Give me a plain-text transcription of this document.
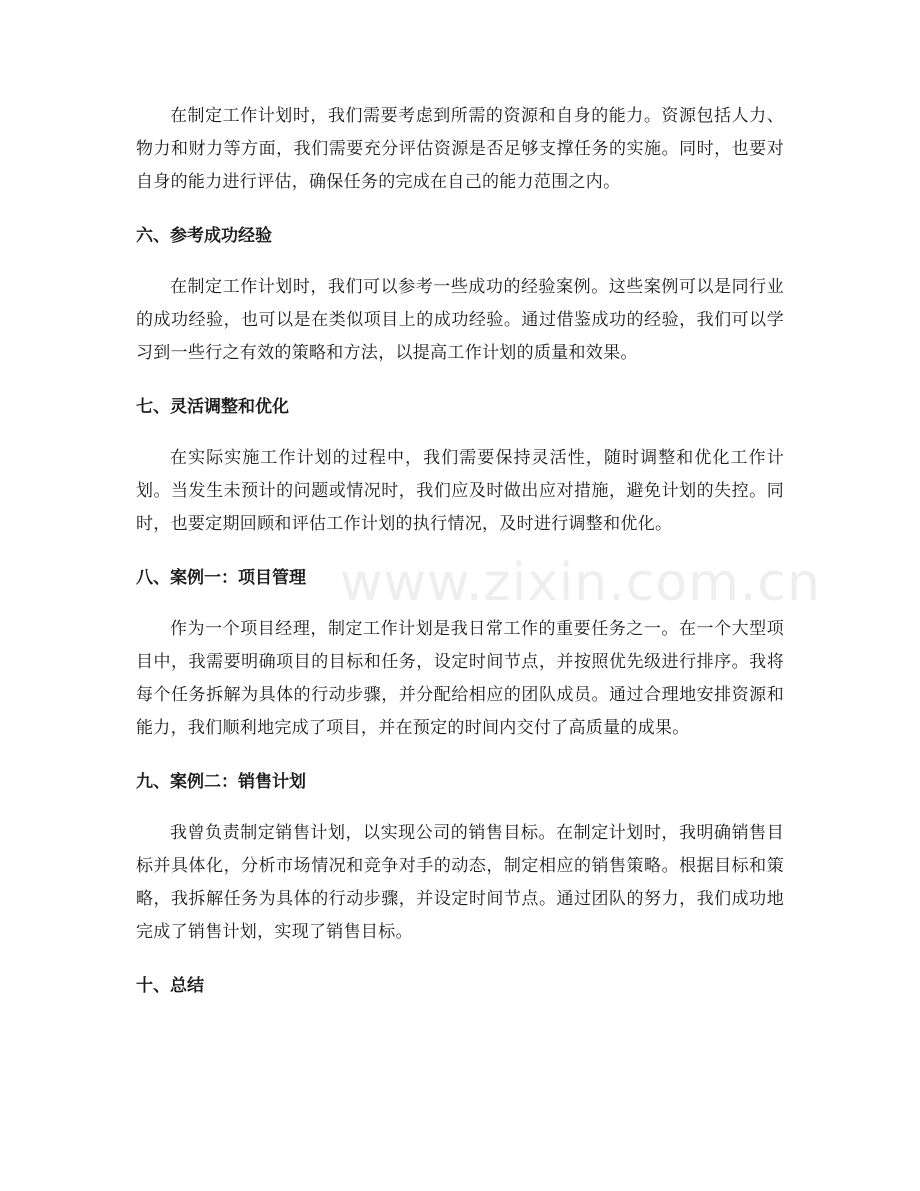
在制定工作计划时，我们需要考虑到所需的资源和自身的能力。资源包括人力、物力和财力等方面，我们需要充分评估资源是否足够支撑任务的实施。同时，也要对自身的能力进行评估，确保任务的完成在自己的能力范围之内。

六、参考成功经验

在制定工作计划时，我们可以参考一些成功的经验案例。这些案例可以是同行业的成功经验，也可以是在类似项目上的成功经验。通过借鉴成功的经验，我们可以学习到一些行之有效的策略和方法，以提高工作计划的质量和效果。

七、灵活调整和优化

在实际实施工作计划的过程中，我们需要保持灵活性，随时调整和优化工作计划。当发生未预计的问题或情况时，我们应及时做出应对措施，避免计划的失控。同时，也要定期回顾和评估工作计划的执行情况，及时进行调整和优化。

八、案例一：项目管理

作为一个项目经理，制定工作计划是我日常工作的重要任务之一。在一个大型项目中，我需要明确项目的目标和任务，设定时间节点，并按照优先级进行排序。我将每个任务拆解为具体的行动步骤，并分配给相应的团队成员。通过合理地安排资源和能力，我们顺利地完成了项目，并在预定的时间内交付了高质量的成果。

九、案例二：销售计划

我曾负责制定销售计划，以实现公司的销售目标。在制定计划时，我明确销售目标并具体化，分析市场情况和竞争对手的动态，制定相应的销售策略。根据目标和策略，我拆解任务为具体的行动步骤，并设定时间节点。通过团队的努力，我们成功地完成了销售计划，实现了销售目标。

十、总结
www.zixin.com.cn
